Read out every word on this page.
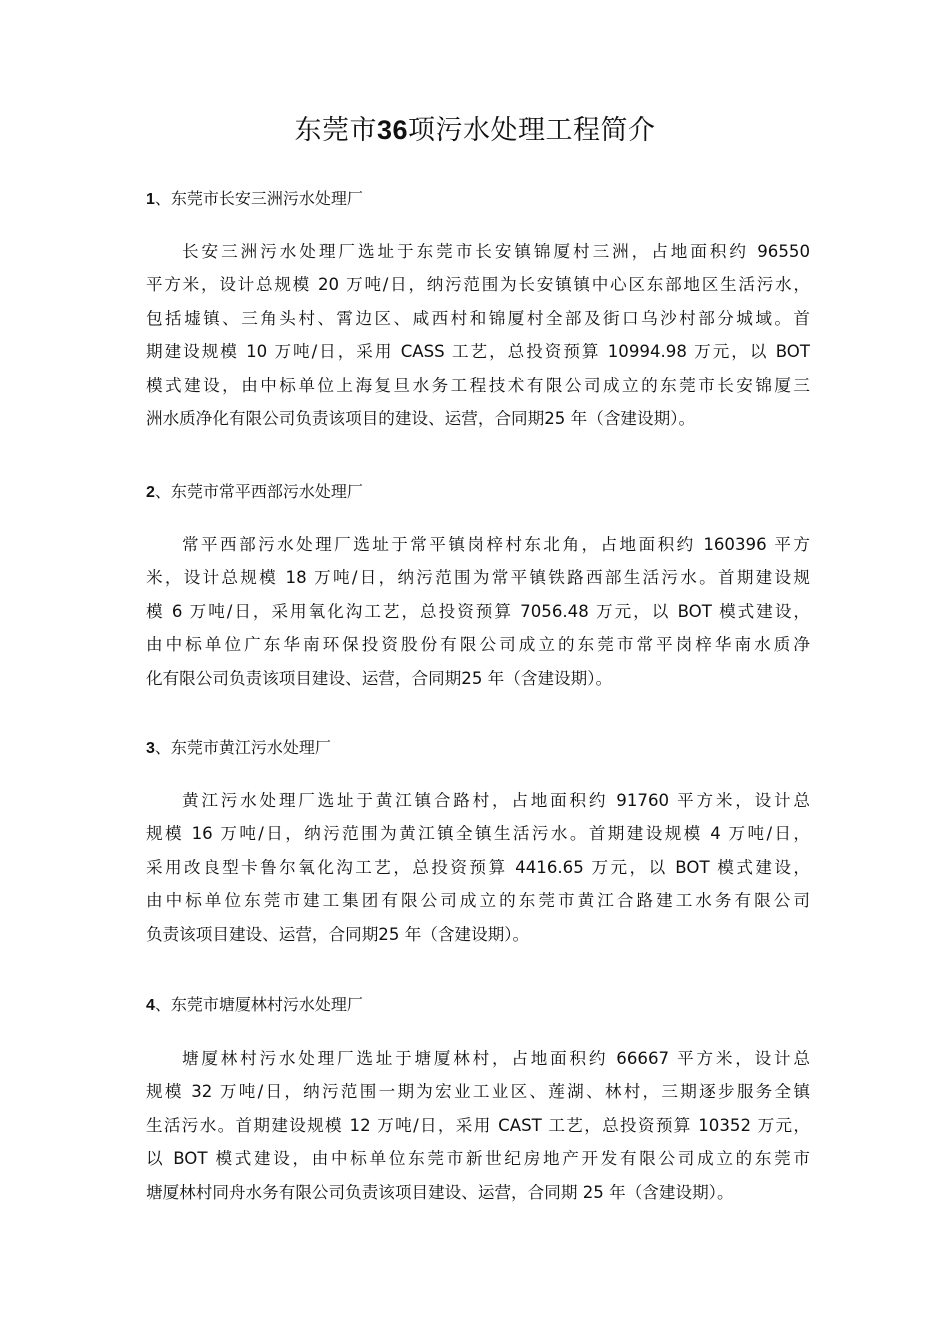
东莞市36项污水处理工程简介
1、东莞市长安三洲污水处理厂
长安三洲污水处理厂选址于东莞市长安镇锦厦村三洲，占地面积约 96550
平方米，设计总规模 20 万吨/日，纳污范围为长安镇镇中心区东部地区生活污水，
包括墟镇、三角头村、霄边区、咸西村和锦厦村全部及街口乌沙村部分城域。首
期建设规模 10 万吨/日，采用 CASS 工艺，总投资预算 10994.98 万元，以 BOT
模式建设，由中标单位上海复旦水务工程技术有限公司成立的东莞市长安锦厦三
洲水质净化有限公司负责该项目的建设、运营，合同期25 年（含建设期）。
2、东莞市常平西部污水处理厂
常平西部污水处理厂选址于常平镇岗梓村东北角，占地面积约 160396 平方
米，设计总规模 18 万吨/日，纳污范围为常平镇铁路西部生活污水。首期建设规
模 6 万吨/日，采用氧化沟工艺，总投资预算 7056.48 万元，以 BOT 模式建设，
由中标单位广东华南环保投资股份有限公司成立的东莞市常平岗梓华南水质净
化有限公司负责该项目建设、运营，合同期25 年（含建设期）。
3、东莞市黄江污水处理厂
黄江污水处理厂选址于黄江镇合路村，占地面积约 91760 平方米，设计总
规模 16 万吨/日，纳污范围为黄江镇全镇生活污水。首期建设规模 4 万吨/日，
采用改良型卡鲁尔氧化沟工艺，总投资预算 4416.65 万元，以 BOT 模式建设，
由中标单位东莞市建工集团有限公司成立的东莞市黄江合路建工水务有限公司
负责该项目建设、运营，合同期25 年（含建设期）。
4、东莞市塘厦林村污水处理厂
塘厦林村污水处理厂选址于塘厦林村，占地面积约 66667 平方米，设计总
规模 32 万吨/日，纳污范围一期为宏业工业区、莲湖、林村，三期逐步服务全镇
生活污水。首期建设规模 12 万吨/日，采用 CAST 工艺，总投资预算 10352 万元，
以 BOT 模式建设，由中标单位东莞市新世纪房地产开发有限公司成立的东莞市
塘厦林村同舟水务有限公司负责该项目建设、运营，合同期 25 年（含建设期）。
